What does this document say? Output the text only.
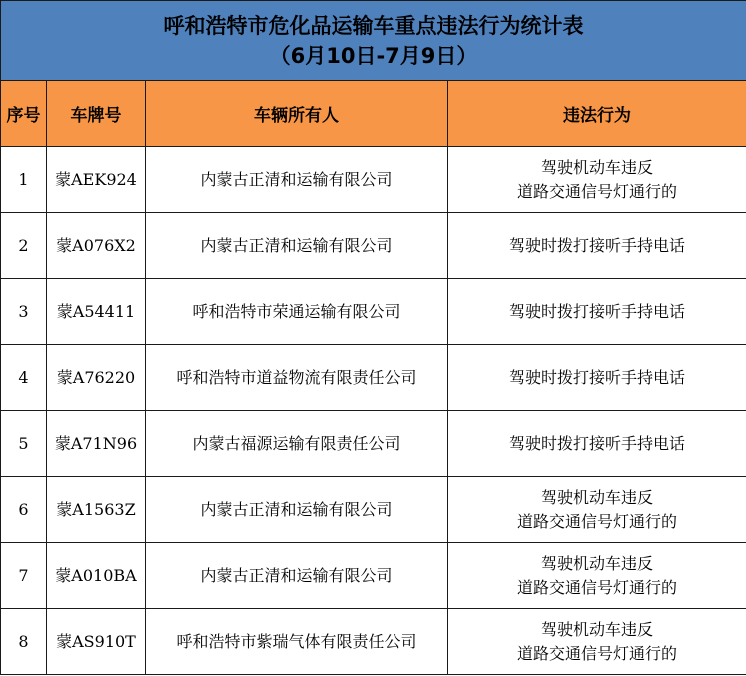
呼和浩特市危化品运输车重点违法行为统计表
（6月10日-7月9日）			

序号	车牌号	车辆所有人	违法行为
1	蒙AEK924	内蒙古正清和运输有限公司	驾驶机动车违反
道路交通信号灯通行的

2	蒙A076X2	内蒙古正清和运输有限公司	驾驶时拨打接听手持电话

3	蒙A54411	呼和浩特市荣通运输有限公司	驾驶时拨打接听手持电话

4	蒙A76220	呼和浩特市道益物流有限责任公司	驾驶时拨打接听手持电话

5	蒙A71N96	内蒙古福源运输有限责任公司	驾驶时拨打接听手持电话

6	蒙A1563Z	内蒙古正清和运输有限公司	驾驶机动车违反
道路交通信号灯通行的

7	蒙A010BA	内蒙古正清和运输有限公司	驾驶机动车违反
道路交通信号灯通行的

8	蒙AS910T	呼和浩特市紫瑞气体有限责任公司	驾驶机动车违反
道路交通信号灯通行的
